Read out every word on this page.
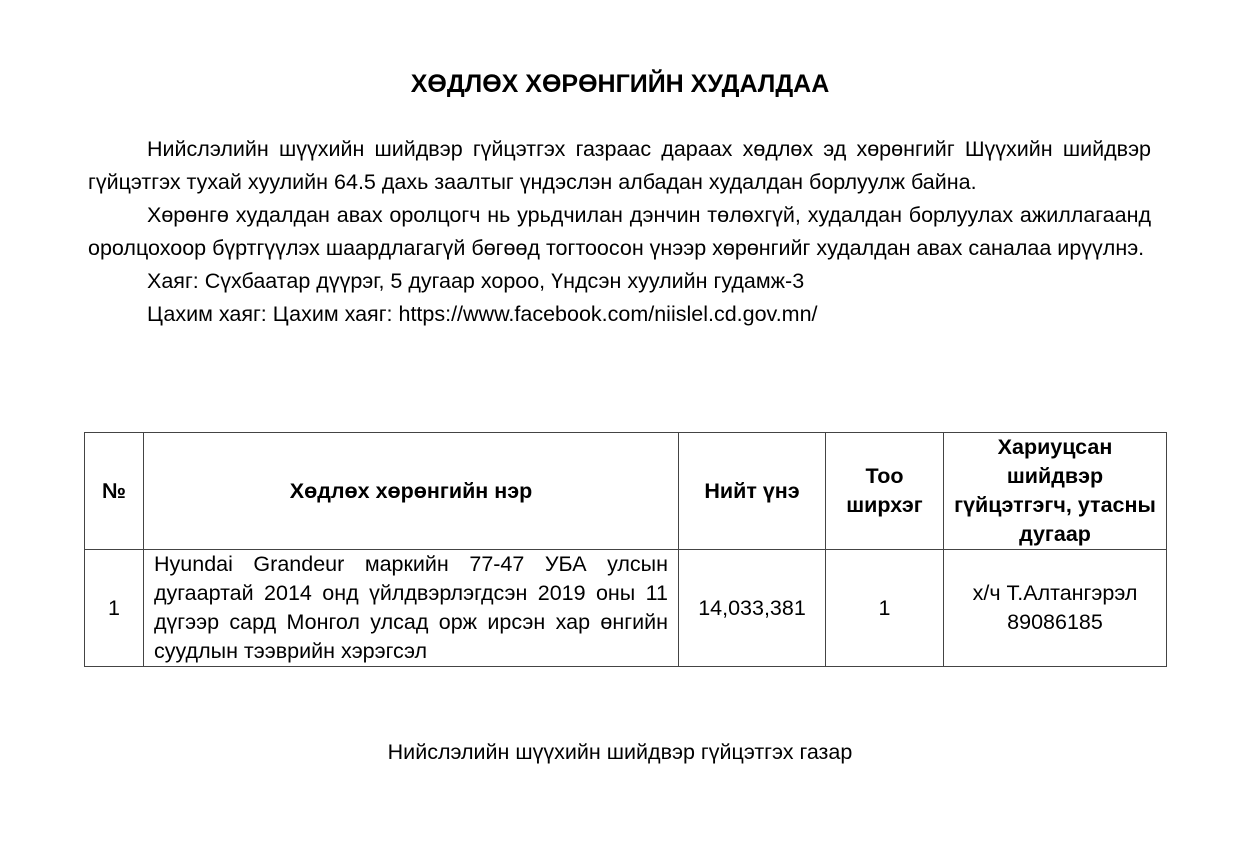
ХӨДЛӨХ ХӨРӨНГИЙН ХУДАЛДАА

Нийслэлийн шүүхийн шийдвэр гүйцэтгэх газраас дараах хөдлөх эд хөрөнгийг Шүүхийн шийдвэр гүйцэтгэх тухай хуулийн 64.5 дахь заалтыг үндэслэн албадан худалдан борлуулж байна.

Хөрөнгө худалдан авах оролцогч нь урьдчилан дэнчин төлөхгүй, худалдан борлуулах ажиллагаанд оролцохоор бүртгүүлэх шаардлагагүй бөгөөд тогтоосон үнээр хөрөнгийг худалдан авах саналаа ирүүлнэ.

Хаяг: Сүхбаатар дүүрэг, 5 дугаар хороо, Үндсэн хуулийн гудамж-3

Цахим хаяг: Цахим хаяг: https://www.facebook.com/niislel.cd.gov.mn/

№	Хөдлөх хөрөнгийн нэр	Нийт үнэ	Тоо ширхэг	Хариуцсан шийдвэр гүйцэтгэгч, утасны дугаар
1	Hyundai Grandeur маркийн 77-47 УБА улсын дугаартай 2014 онд үйлдвэрлэгдсэн 2019 оны 11 дүгээр сард Монгол улсад орж ирсэн хар өнгийн суудлын тээврийн хэрэгсэл	14,033,381	1	х/ч Т.Алтангэрэл
89086185
Нийслэлийн шүүхийн шийдвэр гүйцэтгэх газар
